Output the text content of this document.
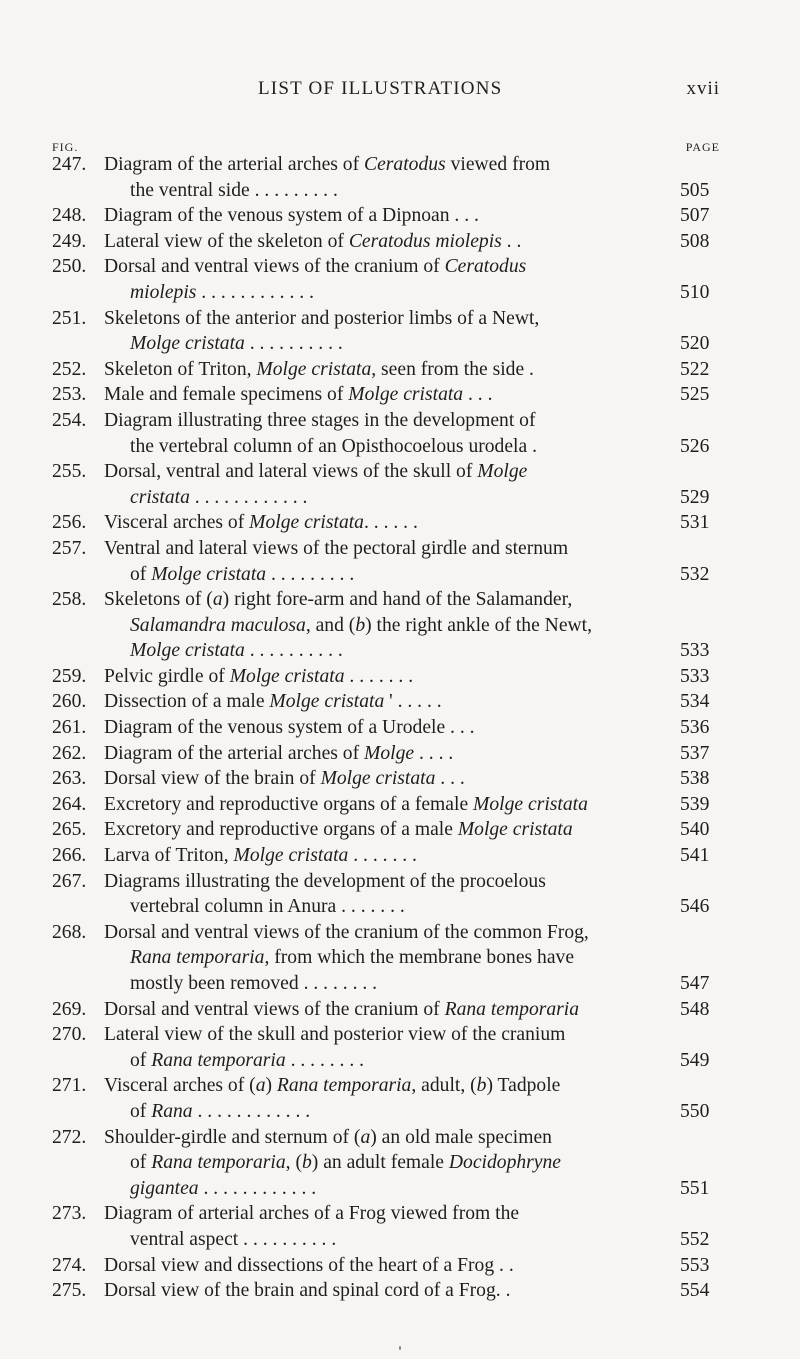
LIST OF ILLUSTRATIONS	xvii
FIG.	PAGE
247. Diagram of the arterial arches of Ceratodus viewed from
the ventral side . . . . . . . . .	505
248. Diagram of the venous system of a Dipnoan . . .	507
249. Lateral view of the skeleton of Ceratodus miolepis . .	508
250. Dorsal and ventral views of the cranium of Ceratodus
miolepis . . . . . . . . . . . .	510
251. Skeletons of the anterior and posterior limbs of a Newt,
Molge cristata . . . . . . . . . .	520
252. Skeleton of Triton, Molge cristata, seen from the side .	522
253. Male and female specimens of Molge cristata . . .	525
254. Diagram illustrating three stages in the development of
the vertebral column of an Opisthocoelous urodela .	526
255. Dorsal, ventral and lateral views of the skull of Molge
cristata . . . . . . . . . . . .	529
256. Visceral arches of Molge cristata. . . . . .	531
257. Ventral and lateral views of the pectoral girdle and sternum
of Molge cristata . . . . . . . . .	532
258. Skeletons of (a) right fore-arm and hand of the Salamander,
Salamandra maculosa, and (b) the right ankle of the Newt,
Molge cristata . . . . . . . . . .	533
259. Pelvic girdle of Molge cristata . . . . . . .	533
260. Dissection of a male Molge cristata ' . . . . .	534
261. Diagram of the venous system of a Urodele . . .	536
262. Diagram of the arterial arches of Molge . . . .	537
263. Dorsal view of the brain of Molge cristata . . .	538
264. Excretory and reproductive organs of a female Molge cristata	539
265. Excretory and reproductive organs of a male Molge cristata	540
266. Larva of Triton, Molge cristata . . . . . . .	541
267. Diagrams illustrating the development of the procoelous
vertebral column in Anura . . . . . . .	546
268. Dorsal and ventral views of the cranium of the common Frog,
Rana temporaria, from which the membrane bones have
mostly been removed . . . . . . . .	547
269. Dorsal and ventral views of the cranium of Rana temporaria	548
270. Lateral view of the skull and posterior view of the cranium
of Rana temporaria . . . . . . . .	549
271. Visceral arches of (a) Rana temporaria, adult, (b) Tadpole
of Rana . . . . . . . . . . . .	550
272. Shoulder-girdle and sternum of (a) an old male specimen
of Rana temporaria, (b) an adult female Docidophryne
gigantea . . . . . . . . . . . .	551
273. Diagram of arterial arches of a Frog viewed from the
ventral aspect . . . . . . . . . .	552
274. Dorsal view and dissections of the heart of a Frog . .	553
275. Dorsal view of the brain and spinal cord of a Frog. .	554
